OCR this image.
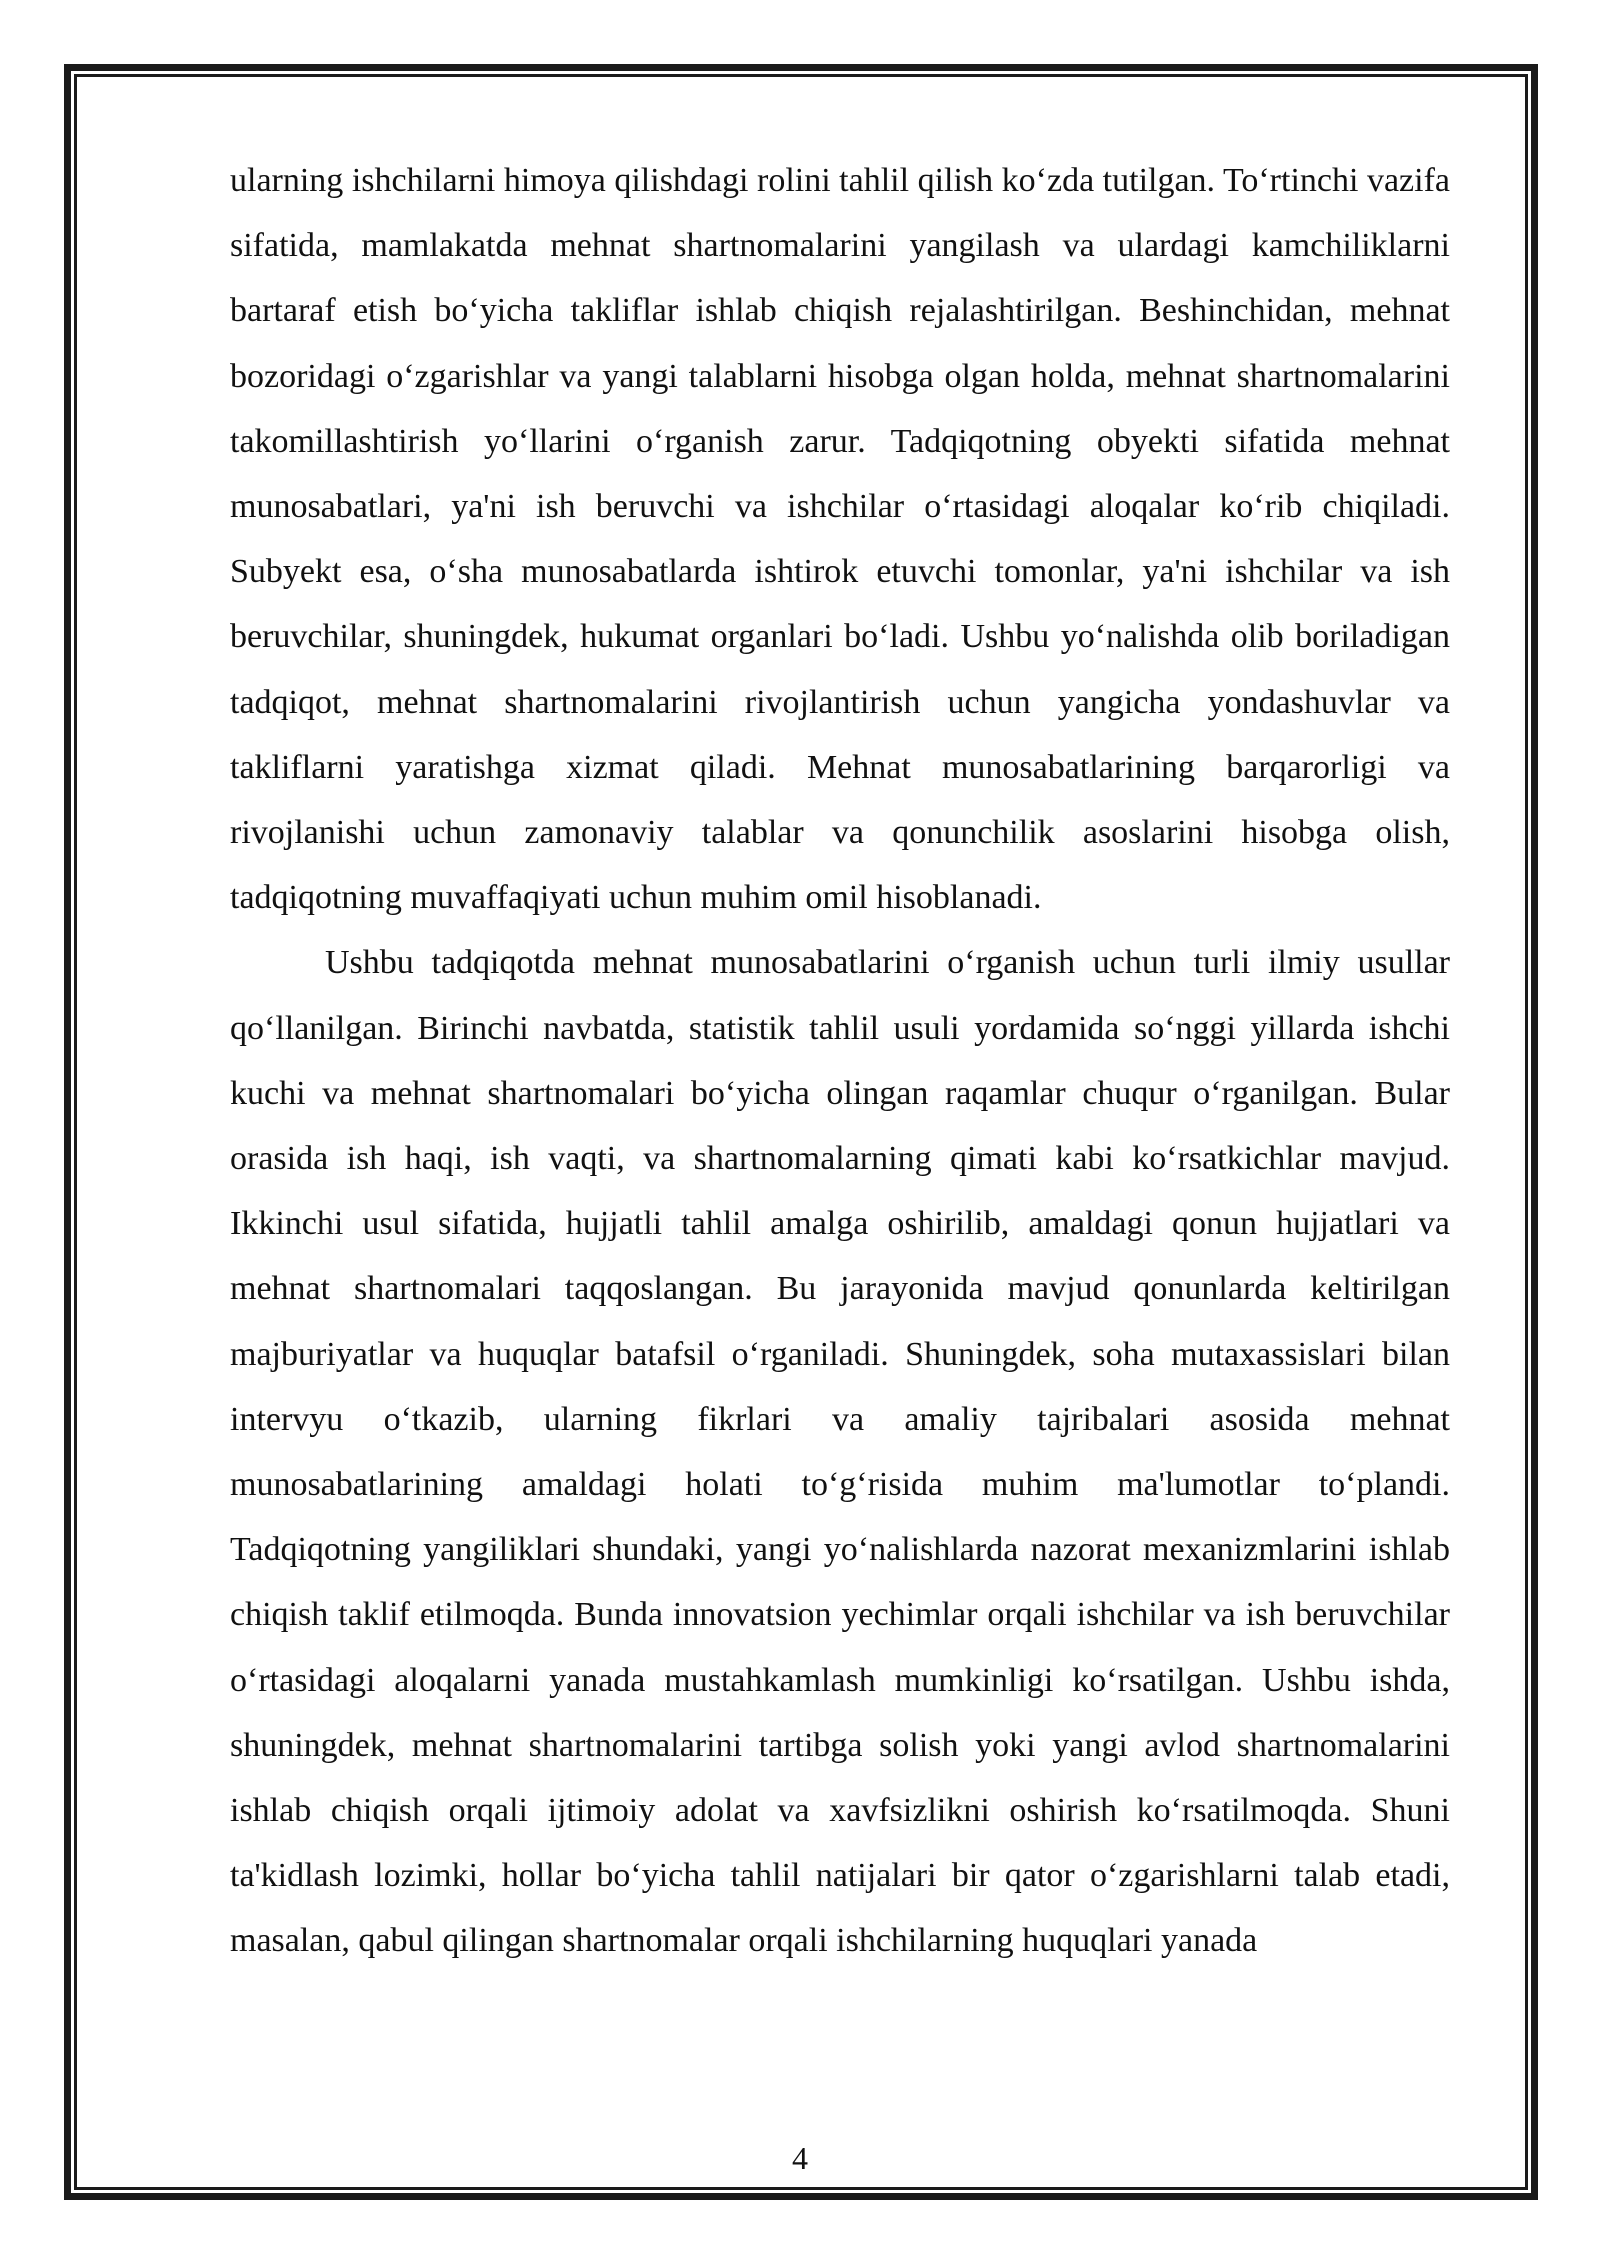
ularning ishchilarni himoya qilishdagi rolini tahlil qilish ko‘zda tutilgan. To‘rtinchi vazifa sifatida, mamlakatda mehnat shartnomalarini yangilash va ulardagi kamchiliklarni bartaraf etish bo‘yicha takliflar ishlab chiqish rejalashtirilgan. Beshinchidan, mehnat bozoridagi o‘zgarishlar va yangi talablarni hisobga olgan holda, mehnat shartnomalarini takomillashtirish yo‘llarini o‘rganish zarur. Tadqiqotning obyekti sifatida mehnat munosabatlari, ya'ni ish beruvchi va ishchilar o‘rtasidagi aloqalar ko‘rib chiqiladi. Subyekt esa, o‘sha munosabatlarda ishtirok etuvchi tomonlar, ya'ni ishchilar va ish beruvchilar, shuningdek, hukumat organlari bo‘ladi. Ushbu yo‘nalishda olib boriladigan tadqiqot, mehnat shartnomalarini rivojlantirish uchun yangicha yondashuvlar va takliflarni yaratishga xizmat qiladi. Mehnat munosabatlarining barqarorligi va rivojlanishi uchun zamonaviy talablar va qonunchilik asoslarini hisobga olish, tadqiqotning muvaffaqiyati uchun muhim omil hisoblanadi.

Ushbu tadqiqotda mehnat munosabatlarini o‘rganish uchun turli ilmiy usullar qo‘llanilgan. Birinchi navbatda, statistik tahlil usuli yordamida so‘nggi yillarda ishchi kuchi va mehnat shartnomalari bo‘yicha olingan raqamlar chuqur o‘rganilgan. Bular orasida ish haqi, ish vaqti, va shartnomalarning qimati kabi ko‘rsatkichlar mavjud. Ikkinchi usul sifatida, hujjatli tahlil amalga oshirilib, amaldagi qonun hujjatlari va mehnat shartnomalari taqqoslangan. Bu jarayonida mavjud qonunlarda keltirilgan majburiyatlar va huquqlar batafsil o‘rganiladi. Shuningdek, soha mutaxassislari bilan intervyu o‘tkazib, ularning fikrlari va amaliy tajribalari asosida mehnat munosabatlarining amaldagi holati to‘g‘risida muhim ma'lumotlar to‘plandi. Tadqiqotning yangiliklari shundaki, yangi yo‘nalishlarda nazorat mexanizmlarini ishlab chiqish taklif etilmoqda. Bunda innovatsion yechimlar orqali ishchilar va ish beruvchilar o‘rtasidagi aloqalarni yanada mustahkamlash mumkinligi ko‘rsatilgan. Ushbu ishda, shuningdek, mehnat shartnomalarini tartibga solish yoki yangi avlod shartnomalarini ishlab chiqish orqali ijtimoiy adolat va xavfsizlikni oshirish ko‘rsatilmoqda. Shuni ta'kidlash lozimki, hollar bo‘yicha tahlil natijalari bir qator o‘zgarishlarni talab etadi, masalan, qabul qilingan shartnomalar orqali ishchilarning huquqlari yanada

4
